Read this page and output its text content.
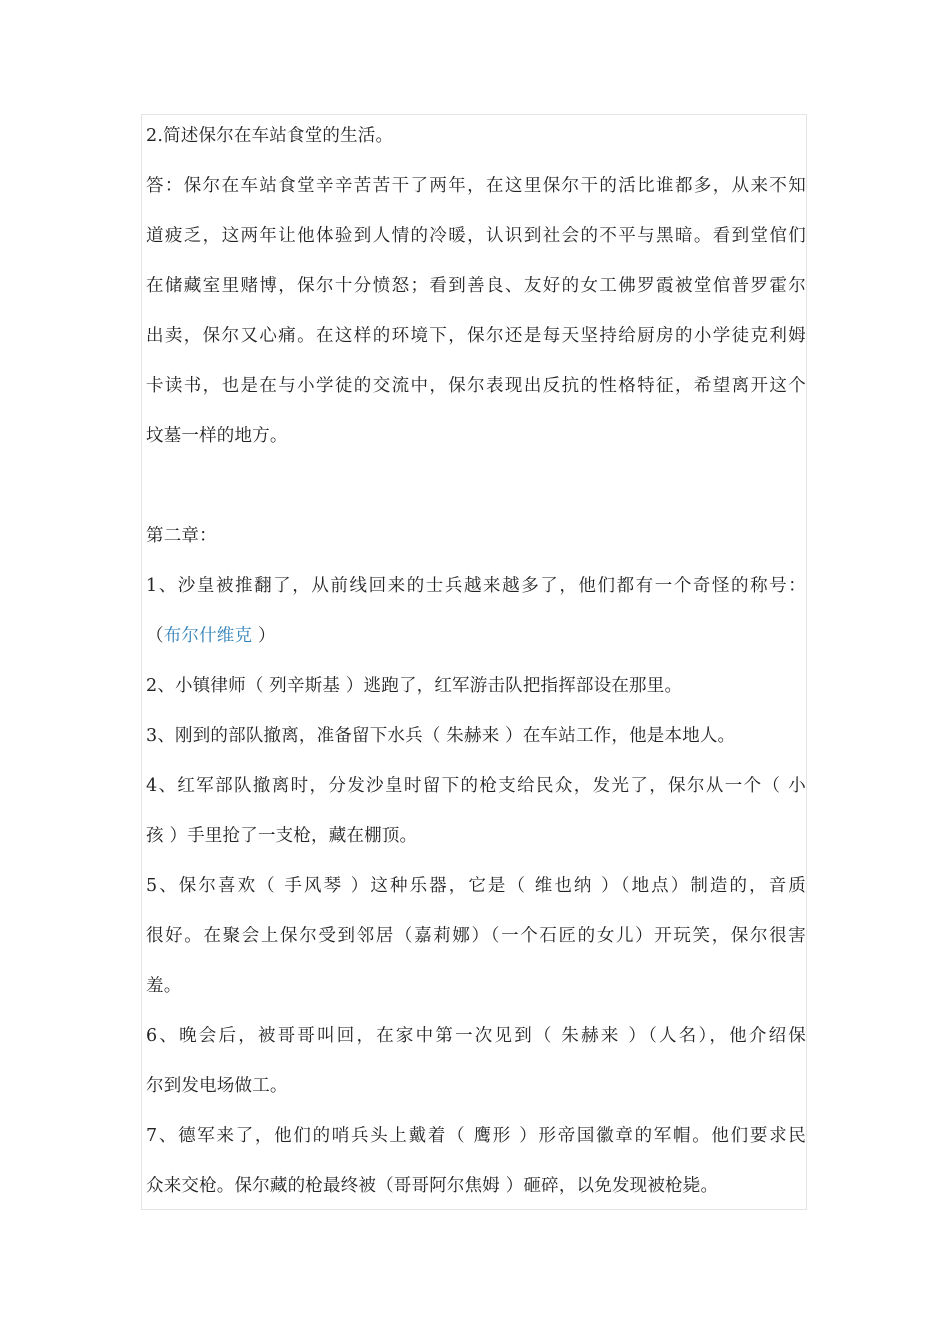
2.简述保尔在车站食堂的生活。
答：保尔在车站食堂辛辛苦苦干了两年，在这里保尔干的活比谁都多，从来不知
道疲乏，这两年让他体验到人情的冷暖，认识到社会的不平与黑暗。看到堂倌们
在储藏室里赌博，保尔十分愤怒；看到善良、友好的女工佛罗霞被堂倌普罗霍尔
出卖，保尔又心痛。在这样的环境下，保尔还是每天坚持给厨房的小学徒克利姆
卡读书，也是在与小学徒的交流中，保尔表现出反抗的性格特征，希望离开这个
坟墓一样的地方。
第二章：
1、沙皇被推翻了，从前线回来的士兵越来越多了，他们都有一个奇怪的称号：
（布尔什维克 ）
2、小镇律师（ 列辛斯基 ）逃跑了，红军游击队把指挥部设在那里。
3、刚到的部队撤离，准备留下水兵（ 朱赫来 ）在车站工作，他是本地人。
4、红军部队撤离时，分发沙皇时留下的枪支给民众，发光了，保尔从一个（ 小
孩 ）手里抢了一支枪，藏在棚顶。
5、保尔喜欢（ 手风琴 ）这种乐器，它是（ 维也纳 ）（地点）制造的，音质
很好。在聚会上保尔受到邻居（嘉莉娜）（一个石匠的女儿）开玩笑，保尔很害
羞。
6、晚会后，被哥哥叫回，在家中第一次见到（ 朱赫来 ）（人名），他介绍保
尔到发电场做工。
7、德军来了，他们的哨兵头上戴着（ 鹰形 ）形帝国徽章的军帽。他们要求民
众来交枪。保尔藏的枪最终被（哥哥阿尔焦姆 ）砸碎，以免发现被枪毙。
